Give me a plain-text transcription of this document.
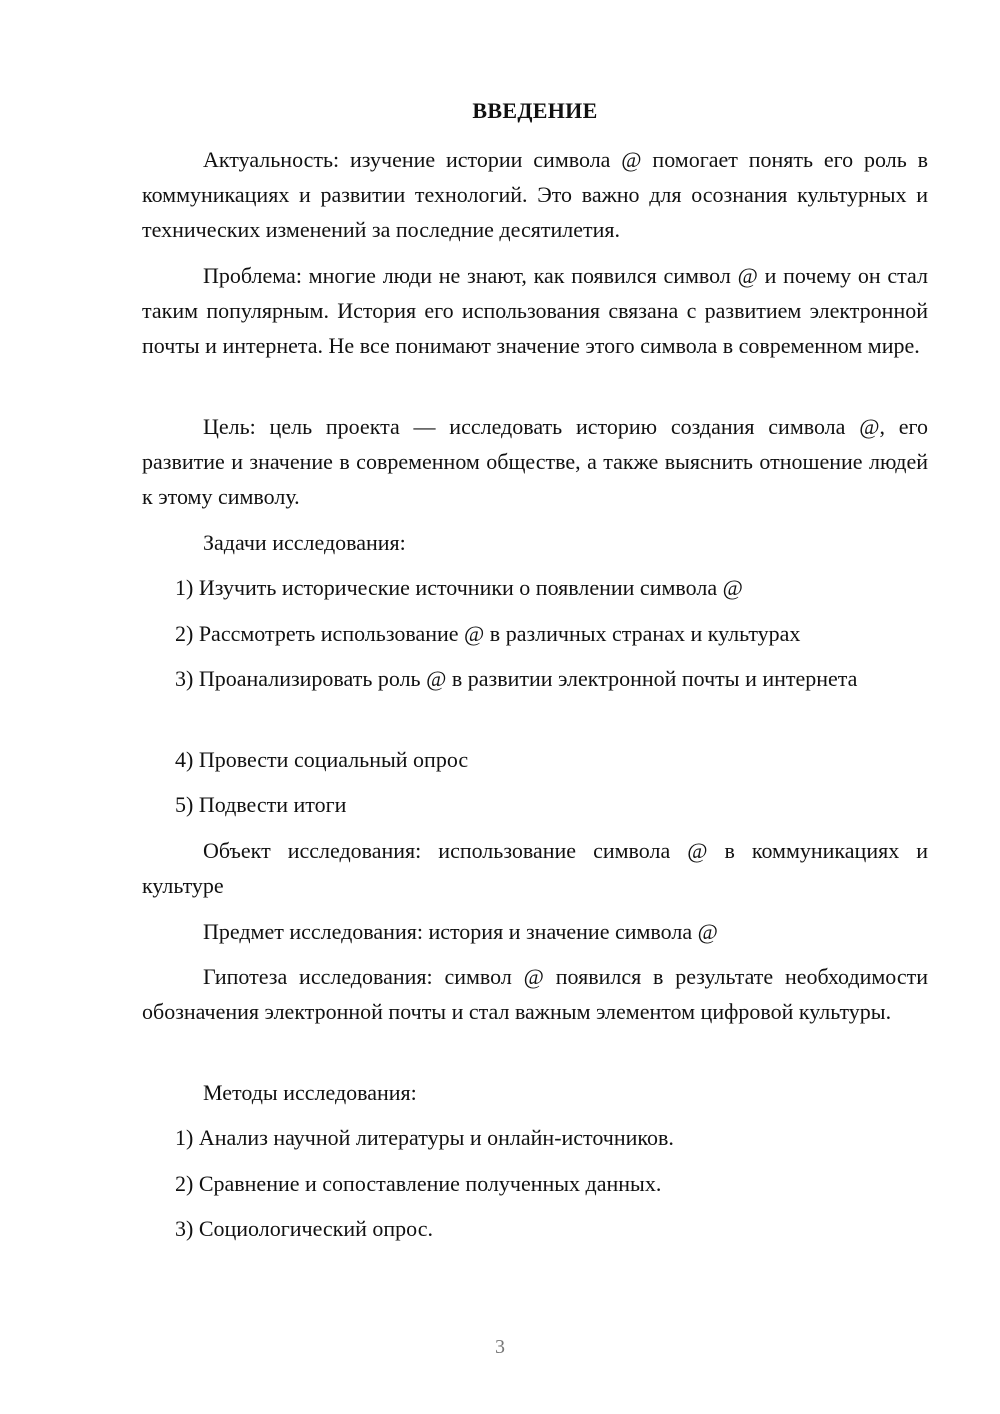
ВВЕДЕНИЕ
Актуальность: изучение истории символа @ помогает понять его роль в коммуникациях и развитии технологий. Это важно для осознания культурных и технических изменений за последние десятилетия.
Проблема: многие люди не знают, как появился символ @ и почему он стал таким популярным. История его использования связана с развитием электронной почты и интернета. Не все понимают значение этого символа в современном мире.
Цель: цель проекта — исследовать историю создания символа @, его развитие и значение в современном обществе, а также выяснить отношение людей к этому символу.
Задачи исследования:
1) Изучить исторические источники о появлении символа @
2) Рассмотреть использование @ в различных странах и культурах
3) Проанализировать роль @ в развитии электронной почты и интернета
4) Провести социальный опрос
5) Подвести итоги
Объект исследования: использование символа @ в коммуникациях и культуре
Предмет исследования: история и значение символа @
Гипотеза исследования: символ @ появился в результате необходимости обозначения электронной почты и стал важным элементом цифровой культуры.
Методы исследования:
1) Анализ научной литературы и онлайн-источников.
2) Сравнение и сопоставление полученных данных.
3) Социологический опрос.
3
